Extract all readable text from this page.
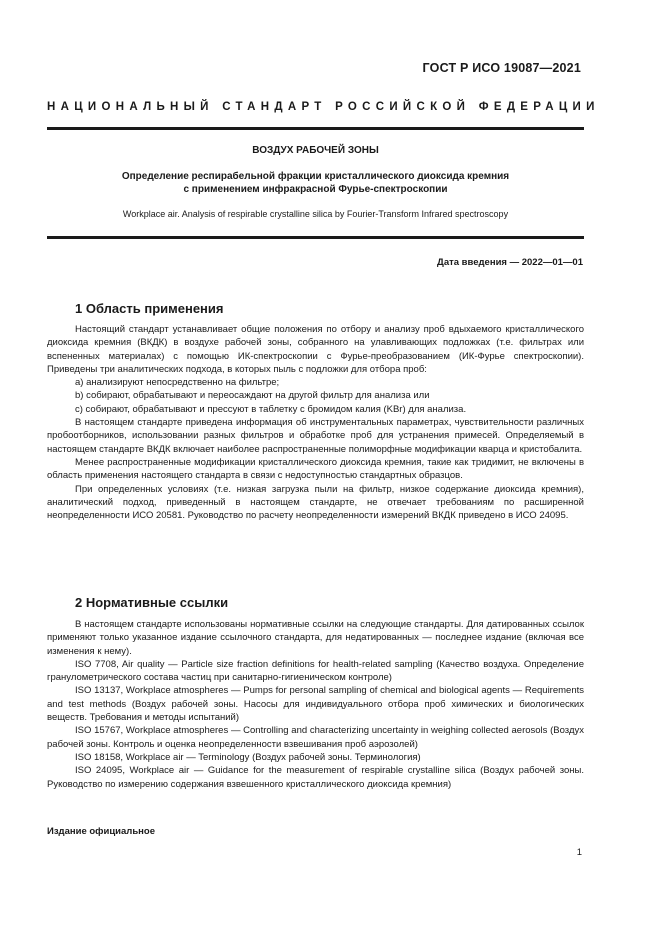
ГОСТ Р ИСО 19087—2021
НАЦИОНАЛЬНЫЙ СТАНДАРТ РОССИЙСКОЙ ФЕДЕРАЦИИ
ВОЗДУХ РАБОЧЕЙ ЗОНЫ
Определение респирабельной фракции кристаллического диоксида кремния
с применением инфракрасной Фурье-спектроскопии
Workplace air. Analysis of respirable crystalline silica by Fourier-Transform Infrared spectroscopy
Дата введения — 2022—01—01
1 Область применения

Настоящий стандарт устанавливает общие положения по отбору и анализу проб вдыхаемого кристаллического диоксида кремния (ВКДК) в воздухе рабочей зоны, собранного на улавливающих подложках (т.е. фильтрах или вспененных материалах) с помощью ИК-спектроскопии с Фурье-преобразованием (ИК-Фурье спектроскопии). Приведены три аналитических подхода, в которых пыль с подложки для отбора проб:

a) анализируют непосредственно на фильтре;

b) собирают, обрабатывают и переосаждают на другой фильтр для анализа или

c) собирают, обрабатывают и прессуют в таблетку с бромидом калия (KBr) для анализа.

В настоящем стандарте приведена информация об инструментальных параметрах, чувствительности различных пробоотборников, использовании разных фильтров и обработке проб для устранения примесей. Определяемый в настоящем стандарте ВКДК включает наиболее распространенные полиморфные модификации кварца и кристобалита.

Менее распространенные модификации кристаллического диоксида кремния, такие как тридимит, не включены в область применения настоящего стандарта в связи с недоступностью стандартных образцов.

При определенных условиях (т.е. низкая загрузка пыли на фильтр, низкое содержание диоксида кремния), аналитический подход, приведенный в настоящем стандарте, не отвечает требованиям по расширенной неопределенности ИСО 20581. Руководство по расчету неопределенности измерений ВКДК приведено в ИСО 24095.

2 Нормативные ссылки

В настоящем стандарте использованы нормативные ссылки на следующие стандарты. Для датированных ссылок применяют только указанное издание ссылочного стандарта, для недатированных — последнее издание (включая все изменения к нему).

ISO 7708, Air quality — Particle size fraction definitions for health-related sampling (Качество воздуха. Определение гранулометрического состава частиц при санитарно-гигиеническом контроле)

ISO 13137, Workplace atmospheres — Pumps for personal sampling of chemical and biological agents — Requirements and test methods (Воздух рабочей зоны. Насосы для индивидуального отбора проб химических и биологических веществ. Требования и методы испытаний)

ISO 15767, Workplace atmospheres — Controlling and characterizing uncertainty in weighing collected aerosols (Воздух рабочей зоны. Контроль и оценка неопределенности взвешивания проб аэрозолей)

ISO 18158, Workplace air — Terminology (Воздух рабочей зоны. Терминология)

ISO 24095, Workplace air — Guidance for the measurement of respirable crystalline silica (Воздух рабочей зоны. Руководство по измерению содержания взвешенного кристаллического диоксида кремния)

Издание официальное
1
